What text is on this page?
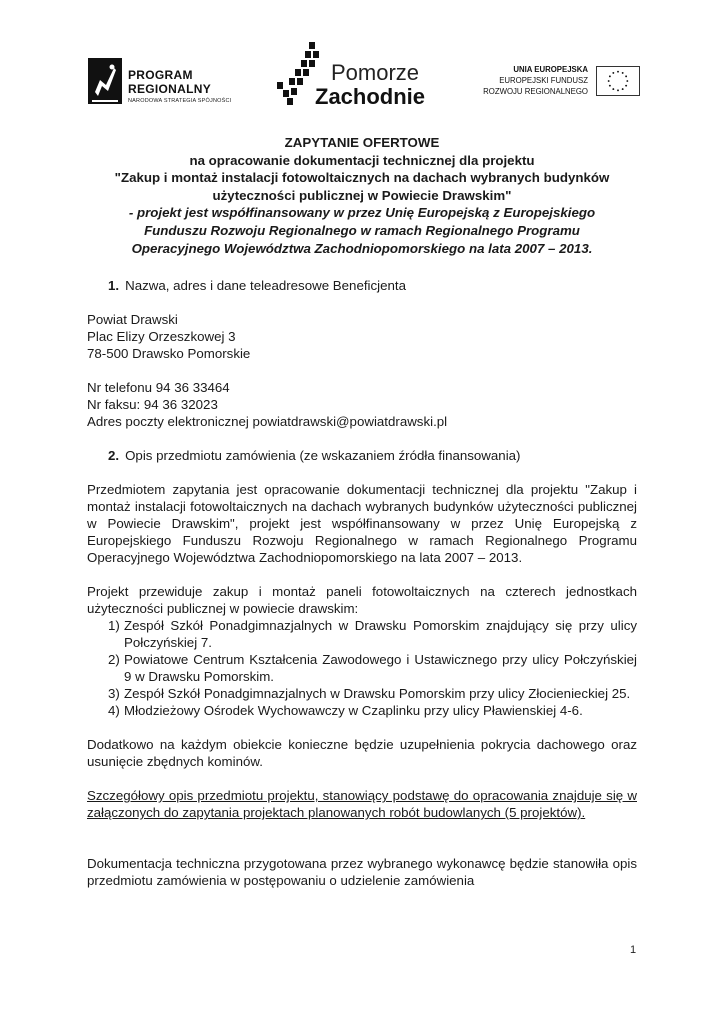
PROGRAM
REGIONALNY
NARODOWA STRATEGIA SPÓJNOŚCI
Pomorze
Zachodnie
UNIA EUROPEJSKA
EUROPEJSKI FUNDUSZ
ROZWOJU REGIONALNEGO
ZAPYTANIE OFERTOWE
na opracowanie dokumentacji technicznej dla projektu
"Zakup i montaż instalacji fotowoltaicznych na dachach wybranych budynków
użyteczności publicznej w Powiecie Drawskim"
- projekt jest współfinansowany w przez Unię Europejską z Europejskiego
Funduszu Rozwoju Regionalnego w ramach Regionalnego Programu
Operacyjnego Województwa Zachodniopomorskiego na lata 2007 – 2013.

1. Nazwa, adres i dane teleadresowe Beneficjenta

Powiat Drawski

Plac Elizy Orzeszkowej 3

78-500 Drawsko Pomorskie

Nr telefonu 94 36 33464

Nr faksu: 94 36 32023

Adres poczty elektronicznej powiatdrawski@powiatdrawski.pl

2. Opis przedmiotu zamówienia (ze wskazaniem źródła finansowania)

Przedmiotem zapytania jest opracowanie dokumentacji technicznej dla projektu "Zakup i montaż instalacji fotowoltaicznych na dachach wybranych budynków użyteczności publicznej w Powiecie Drawskim", projekt jest współfinansowany w przez Unię Europejską z Europejskiego Funduszu Rozwoju Regionalnego w ramach Regionalnego Programu Operacyjnego Województwa Zachodniopomorskiego na lata 2007 – 2013.

Projekt przewiduje zakup i montaż paneli fotowoltaicznych na czterech jednostkach użyteczności publicznej w powiecie drawskim:

1) Zespół Szkół Ponadgimnazjalnych w Drawsku Pomorskim znajdujący się przy ulicy Połczyńskiej 7.
2) Powiatowe Centrum Kształcenia Zawodowego i Ustawicznego przy ulicy Połczyńskiej 9 w Drawsku Pomorskim.
3) Zespół Szkół Ponadgimnazjalnych w Drawsku Pomorskim przy ulicy Złocienieckiej 25.
4) Młodzieżowy Ośrodek Wychowawczy w Czaplinku przy ulicy Pławienskiej 4-6.

Dodatkowo na każdym obiekcie konieczne będzie uzupełnienia pokrycia dachowego oraz usunięcie zbędnych kominów.

Szczegółowy opis przedmiotu projektu, stanowiący podstawę do opracowania znajduje się w załączonych do zapytania projektach planowanych robót budowlanych (5 projektów).

Dokumentacja techniczna przygotowana przez wybranego wykonawcę będzie stanowiła opis przedmiotu zamówienia w postępowaniu o udzielenie zamówienia

1
